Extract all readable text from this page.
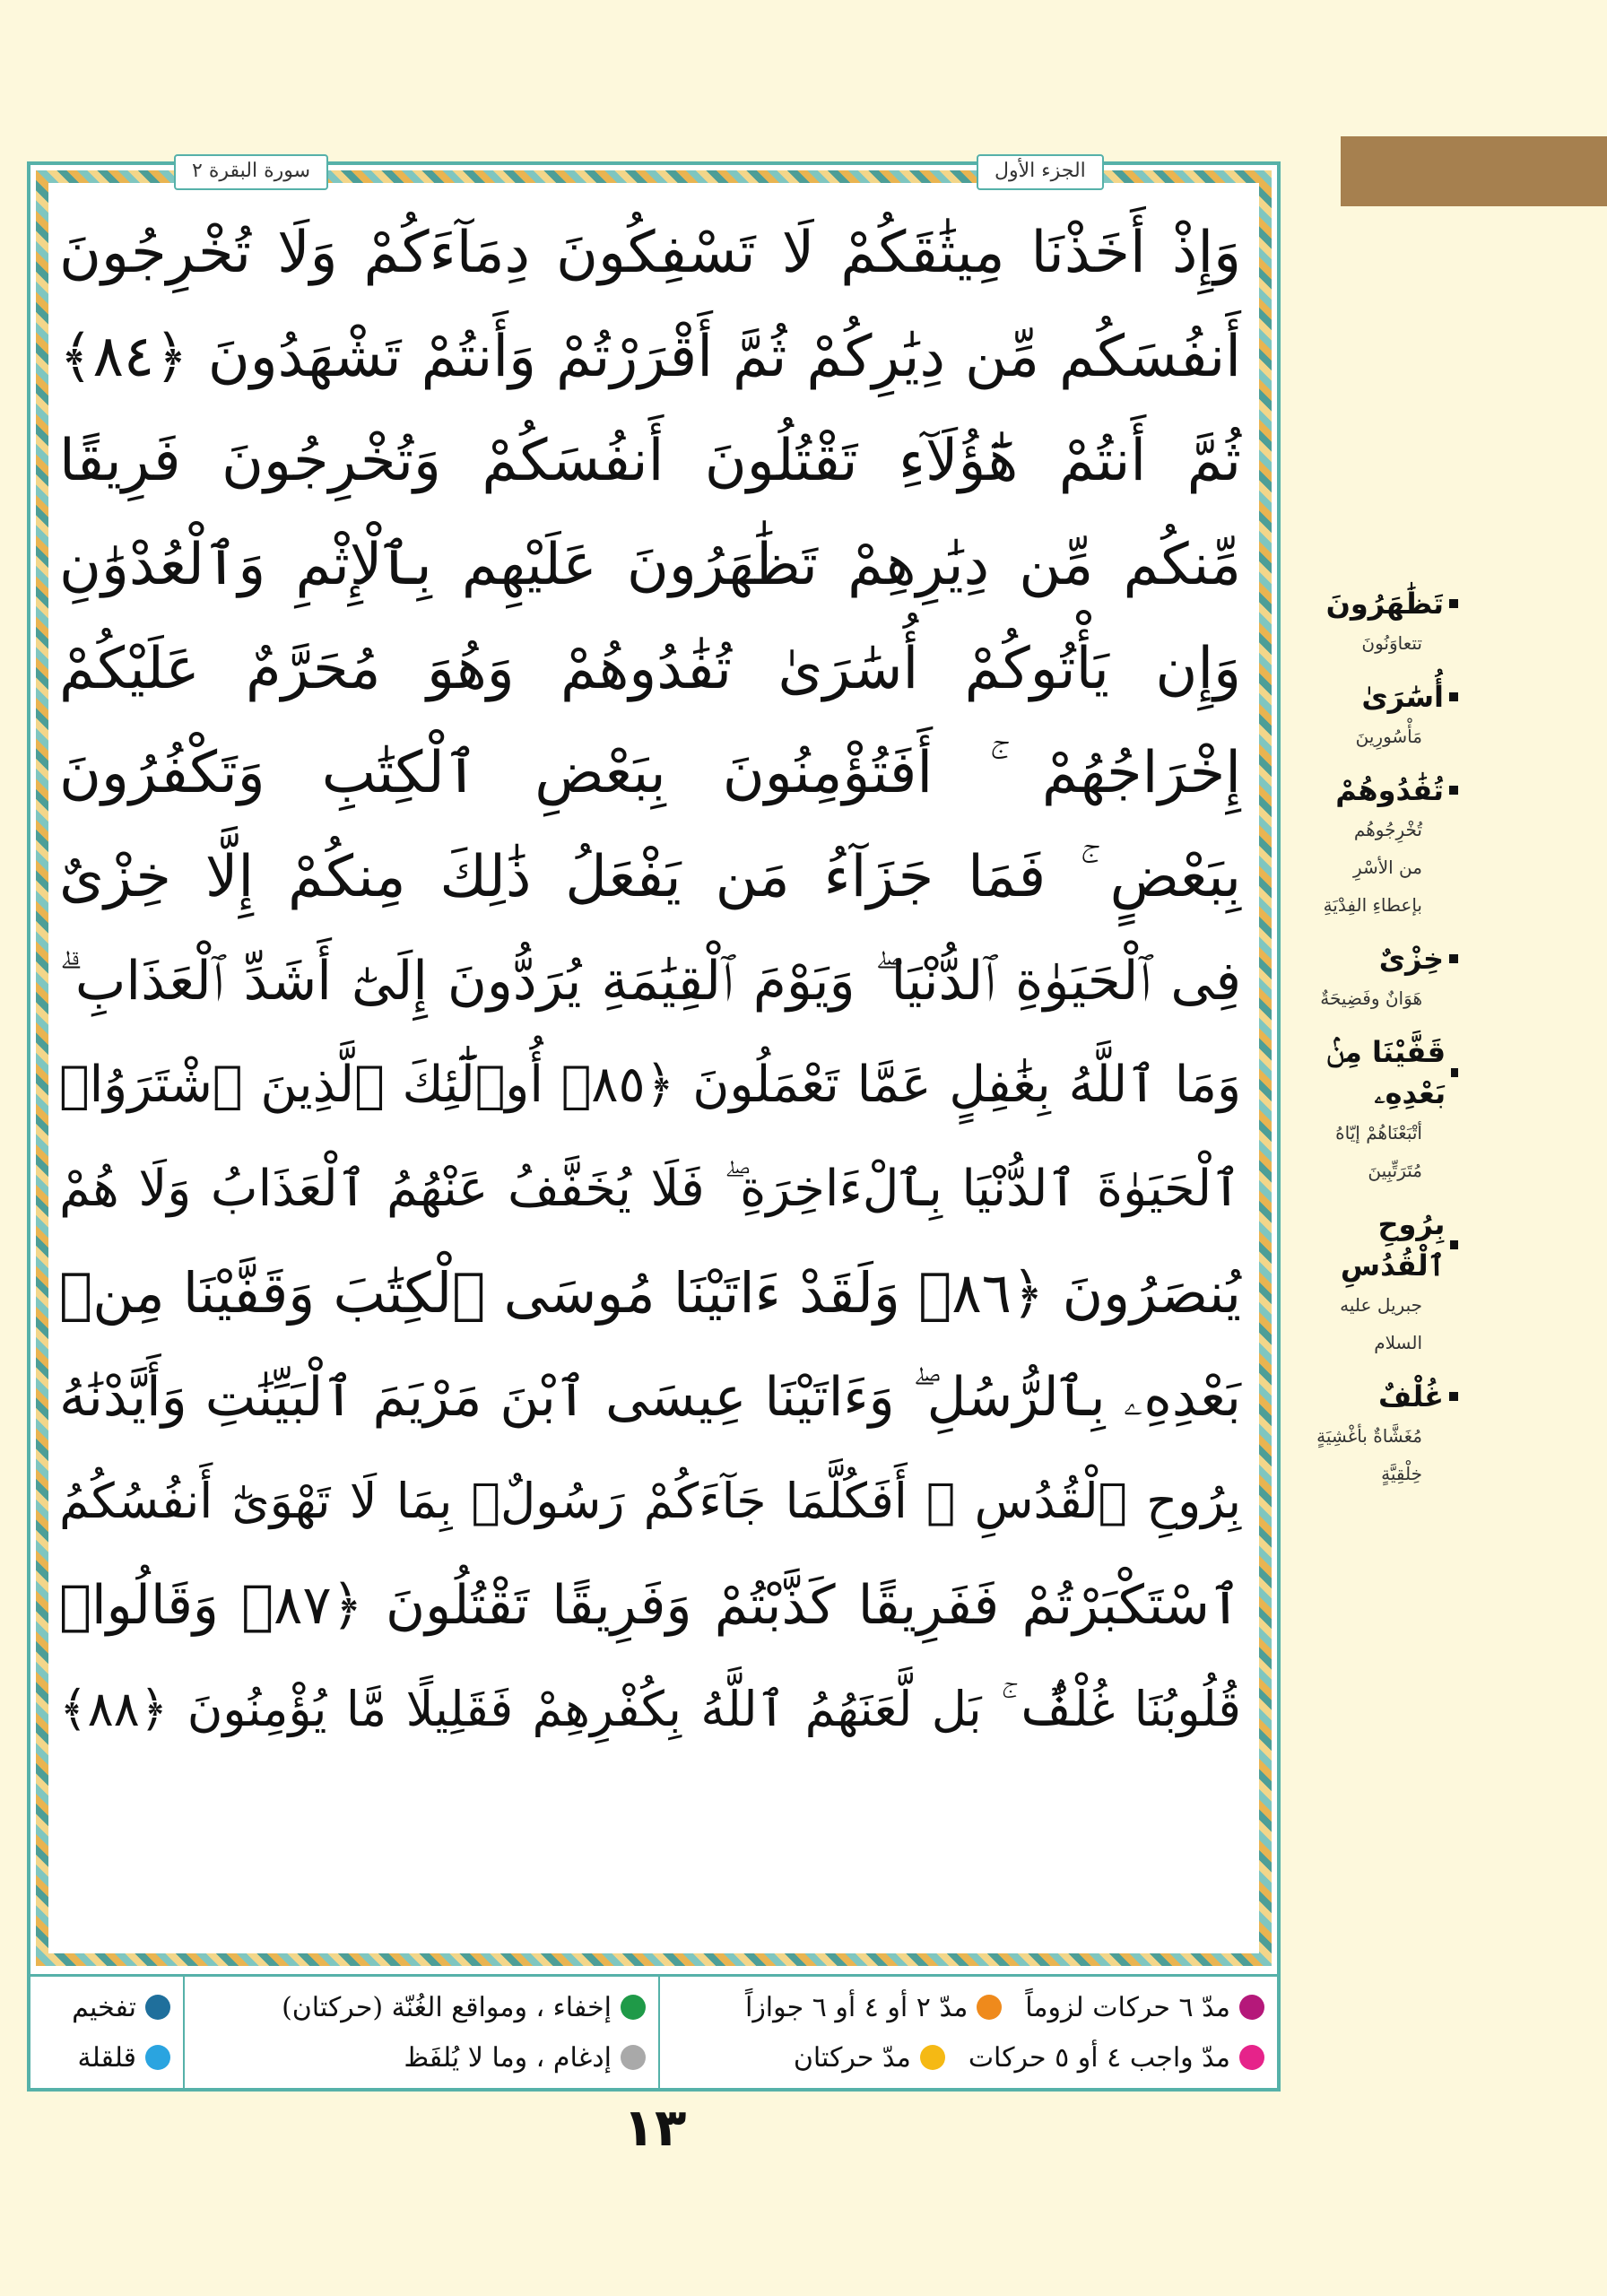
الجزء الأول
سورة البقرة ٢
وَإِذْ أَخَذْنَا مِيثَٰقَكُمْ لَا تَسْفِكُونَ دِمَآءَكُمْ وَلَا تُخْرِجُونَ
أَنفُسَكُم مِّن دِيَٰرِكُمْ ثُمَّ أَقْرَرْتُمْ وَأَنتُمْ تَشْهَدُونَ ﴿٨٤﴾
ثُمَّ أَنتُمْ هَٰٓؤُلَآءِ تَقْتُلُونَ أَنفُسَكُمْ وَتُخْرِجُونَ فَرِيقًا
مِّنكُم مِّن دِيَٰرِهِمْ تَظَٰهَرُونَ عَلَيْهِم بِٱلْإِثْمِ وَٱلْعُدْوَٰنِ
وَإِن يَأْتُوكُمْ أُسَٰرَىٰ تُفَٰدُوهُمْ وَهُوَ مُحَرَّمٌ عَلَيْكُمْ
إِخْرَاجُهُمْ ۚ أَفَتُؤْمِنُونَ بِبَعْضِ ٱلْكِتَٰبِ وَتَكْفُرُونَ
بِبَعْضٍ ۚ فَمَا جَزَآءُ مَن يَفْعَلُ ذَٰلِكَ مِنكُمْ إِلَّا خِزْىٌ
فِى ٱلْحَيَوٰةِ ٱلدُّنْيَا ۖ وَيَوْمَ ٱلْقِيَٰمَةِ يُرَدُّونَ إِلَىٰٓ أَشَدِّ ٱلْعَذَابِ ۗ
وَمَا ٱللَّهُ بِغَٰفِلٍ عَمَّا تَعْمَلُونَ ﴿٨٥﴾ أُو۟لَٰٓئِكَ ٱلَّذِينَ ٱشْتَرَوُا۟
ٱلْحَيَوٰةَ ٱلدُّنْيَا بِٱلْءَاخِرَةِ ۖ فَلَا يُخَفَّفُ عَنْهُمُ ٱلْعَذَابُ وَلَا هُمْ
يُنصَرُونَ ﴿٨٦﴾ وَلَقَدْ ءَاتَيْنَا مُوسَى ٱلْكِتَٰبَ وَقَفَّيْنَا مِنۢ
بَعْدِهِۦ بِٱلرُّسُلِ ۖ وَءَاتَيْنَا عِيسَى ٱبْنَ مَرْيَمَ ٱلْبَيِّنَٰتِ وَأَيَّدْنَٰهُ
بِرُوحِ ٱلْقُدُسِ ۗ أَفَكُلَّمَا جَآءَكُمْ رَسُولٌۢ بِمَا لَا تَهْوَىٰٓ أَنفُسُكُمُ
ٱسْتَكْبَرْتُمْ فَفَرِيقًا كَذَّبْتُمْ وَفَرِيقًا تَقْتُلُونَ ﴿٨٧﴾ وَقَالُوا۟
قُلُوبُنَا غُلْفٌۢ ۚ بَل لَّعَنَهُمُ ٱللَّهُ بِكُفْرِهِمْ فَقَلِيلًا مَّا يُؤْمِنُونَ ﴿٨٨﴾
مدّ ٦ حركات لزوماً
مدّ ٢ أو ٤ أو ٦ جوازاً
مدّ واجب ٤ أو ٥ حركات
مدّ حركتان
إخفاء ، ومواقع الغُنّة (حركتان)
إدغام ، وما لا يُلفَظ
تفخيم
قلقلة
تَظَٰهَرُونَ
تتعاوَنُونَ
أُسَٰرَىٰ
مَأْسُورِينَ
تُفَٰدُوهُمْ
تُخْرِجُوهُم
من الأسْرِ
بإعطاءِ الفِدْيَةِ
خِزْىٌ
هَوَانٌ وفَضِيحَةٌ
قَفَّيْنَا مِنۢ بَعْدِهِۦ
أتْبَعْنَاهُمْ إيّاهُ
مُتَرَتِّبِينَ
بِرُوحِ ٱلْقُدُسِ
جبريل عليه
السلام
غُلْفٌ
مُغَشَّاةٌ بأغْشِيَةٍ
خِلْقِيَّةٍ
١٣
